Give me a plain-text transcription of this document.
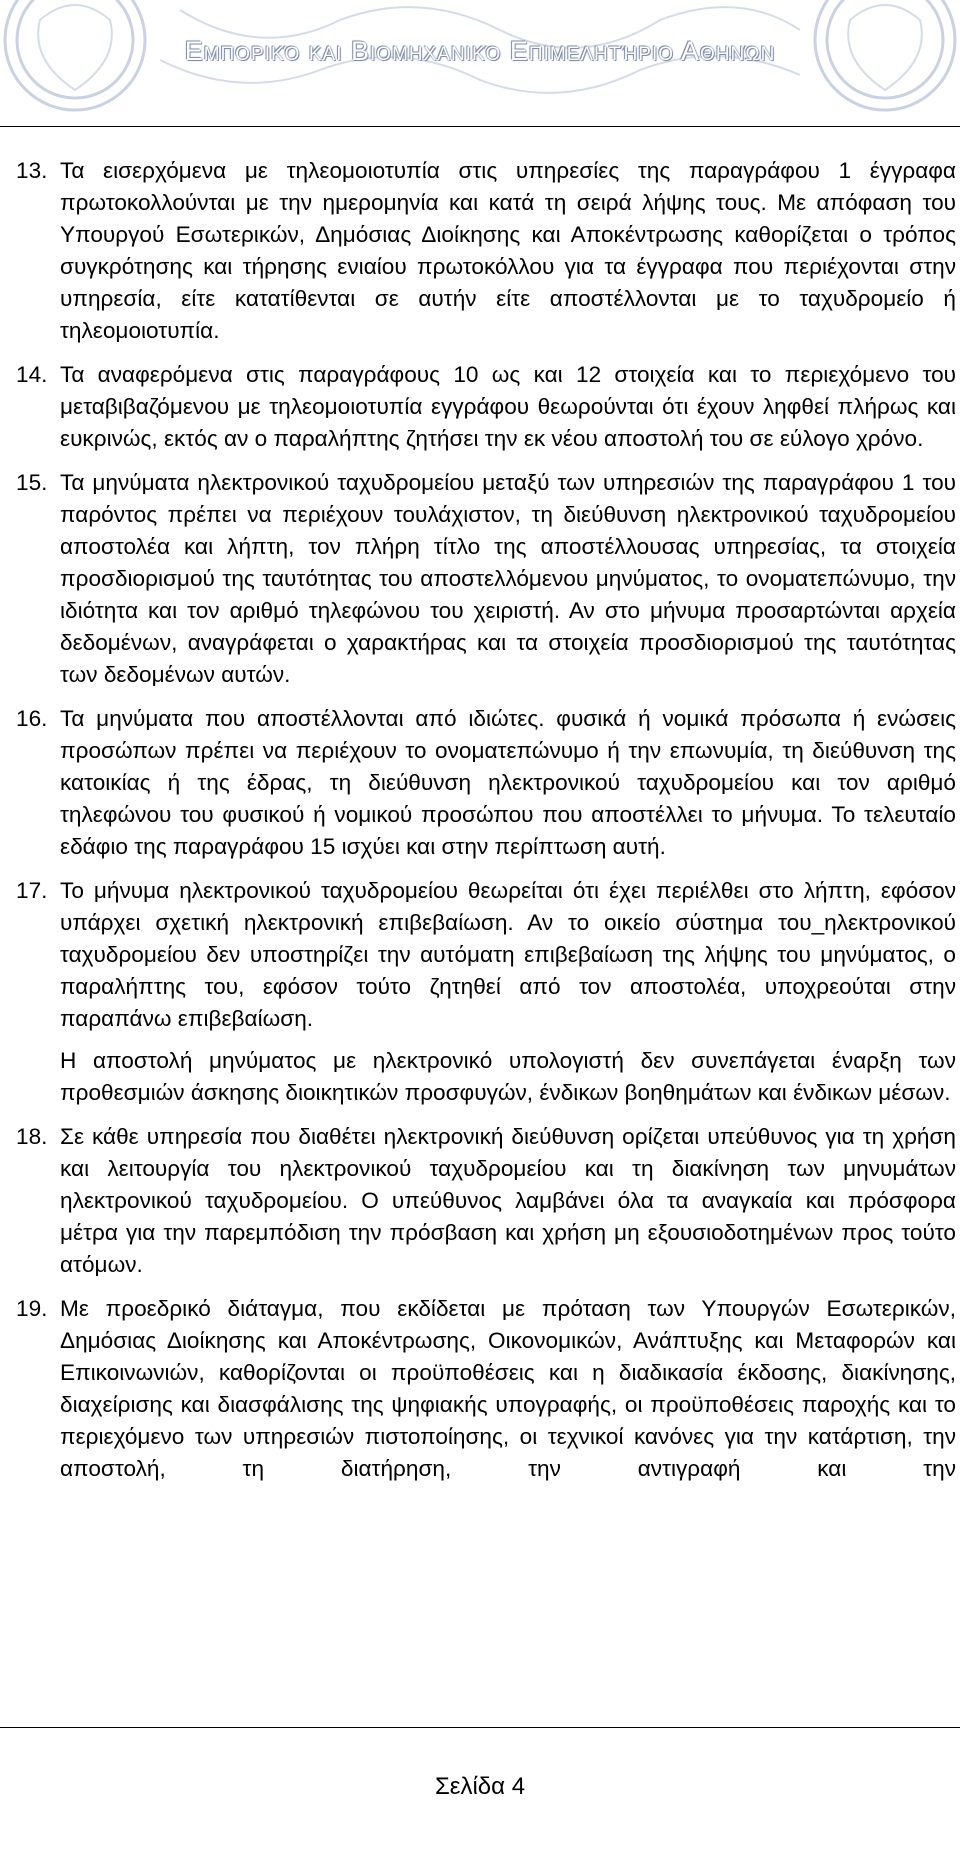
Εμπορικό και Βιομηχανικό Επιμελητήριο Αθηνών
13. Τα εισερχόμενα με τηλεομοιοτυπία στις υπηρεσίες της παραγράφου 1 έγγραφα πρωτοκολλούνται με την ημερομηνία και κατά τη σειρά λήψης τους. Με απόφαση του Υπουργού Εσωτερικών, Δημόσιας Διοίκησης και Αποκέντρωσης καθορίζεται ο τρόπος συγκρότησης και τήρησης ενιαίου πρωτοκόλλου για τα έγγραφα που περιέχονται στην υπηρεσία, είτε κατατίθενται σε αυτήν είτε αποστέλλονται με το ταχυδρομείο ή τηλεομοιοτυπία.

14. Τα αναφερόμενα στις παραγράφους 10 ως και 12 στοιχεία και το περιεχόμενο του μεταβιβαζόμενου με τηλεομοιοτυπία εγγράφου θεωρούνται ότι έχουν ληφθεί πλήρως και ευκρινώς, εκτός αν ο παραλήπτης ζητήσει την εκ νέου αποστολή του σε εύλογο χρόνο.

15. Τα μηνύματα ηλεκτρονικού ταχυδρομείου μεταξύ των υπηρεσιών της παραγράφου 1 του παρόντος πρέπει να περιέχουν τουλάχιστον, τη διεύθυνση ηλεκτρονικού ταχυδρομείου αποστολέα και λήπτη, τον πλήρη τίτλο της αποστέλλουσας υπηρεσίας, τα στοιχεία προσδιορισμού της ταυτότητας του αποστελλόμενου μηνύματος, το ονοματεπώνυμο, την ιδιότητα και τον αριθμό τηλεφώνου του χειριστή. Αν στο μήνυμα προσαρτώνται αρχεία δεδομένων, αναγράφεται ο χαρακτήρας και τα στοιχεία προσδιορισμού της ταυτότητας των δεδομένων αυτών.

16. Τα μηνύματα που αποστέλλονται από ιδιώτες. φυσικά ή νομικά πρόσωπα ή ενώσεις προσώπων πρέπει να περιέχουν το ονοματεπώνυμο ή την επωνυμία, τη διεύθυνση της κατοικίας ή της έδρας, τη διεύθυνση ηλεκτρονικού ταχυδρομείου και τον αριθμό τηλεφώνου του φυσικού ή νομικού προσώπου που αποστέλλει το μήνυμα. Το τελευταίο εδάφιο της παραγράφου 15 ισχύει και στην περίπτωση αυτή.

17. Το μήνυμα ηλεκτρονικού ταχυδρομείου θεωρείται ότι έχει περιέλθει στο λήπτη, εφόσον υπάρχει σχετική ηλεκτρονική επιβεβαίωση. Αν το οικείο σύστημα του_ηλεκτρονικού ταχυδρομείου δεν υποστηρίζει την αυτόματη επιβεβαίωση της λήψης του μηνύματος, ο παραλήπτης του, εφόσον τούτο ζητηθεί από τον αποστολέα, υποχρεούται στην παραπάνω επιβεβαίωση.

Η αποστολή μηνύματος με ηλεκτρονικό υπολογιστή δεν συνεπάγεται έναρξη των προθεσμιών άσκησης διοικητικών προσφυγών, ένδικων βοηθημάτων και ένδικων μέσων.

18. Σε κάθε υπηρεσία που διαθέτει ηλεκτρονική διεύθυνση ορίζεται υπεύθυνος για τη χρήση και λειτουργία του ηλεκτρονικού ταχυδρομείου και τη διακίνηση των μηνυμάτων ηλεκτρονικού ταχυδρομείου. Ο υπεύθυνος λαμβάνει όλα τα αναγκαία και πρόσφορα μέτρα για την παρεμπόδιση την πρόσβαση και χρήση μη εξουσιοδοτημένων προς τούτο ατόμων.

19. Με προεδρικό διάταγμα, που εκδίδεται με πρόταση των Υπουργών Εσωτερικών, Δημόσιας Διοίκησης και Αποκέντρωσης, Οικονομικών, Ανάπτυξης και Μεταφορών και Επικοινωνιών, καθορίζονται οι προϋποθέσεις και η διαδικασία έκδοσης, διακίνησης, διαχείρισης και διασφάλισης της ψηφιακής υπογραφής, οι προϋποθέσεις παροχής και το περιεχόμενο των υπηρεσιών πιστοποίησης, οι τεχνικοί κανόνες για την κατάρτιση, την αποστολή, τη διατήρηση, την αντιγραφή και την

Σελίδα 4
